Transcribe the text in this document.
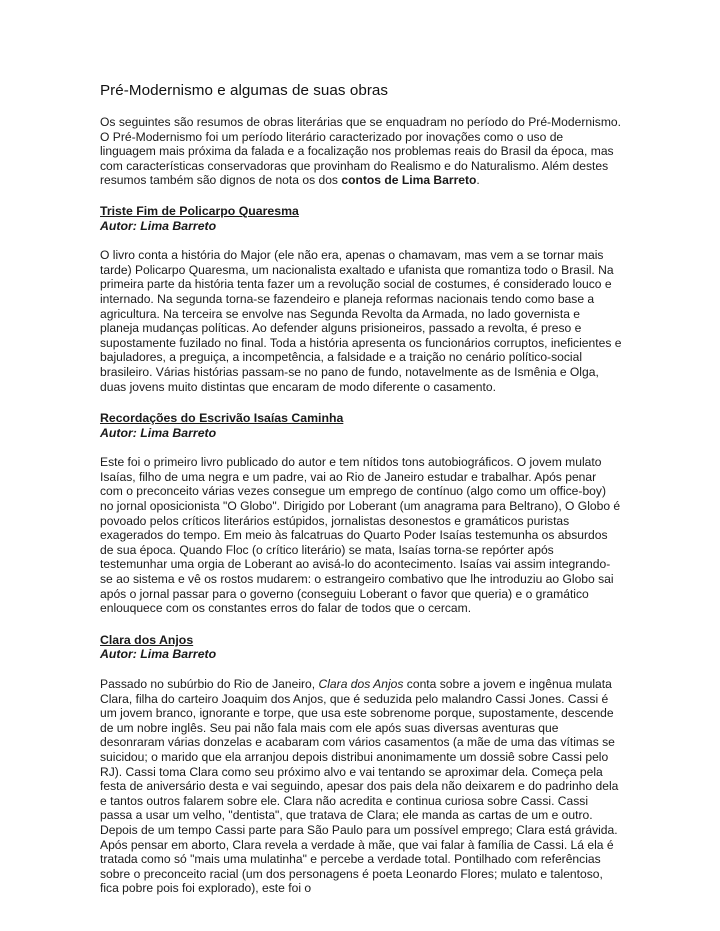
Pré-Modernismo e algumas de suas obras

Os seguintes são resumos de obras literárias que se enquadram no período do Pré-Modernismo. O Pré-Modernismo foi um período literário caracterizado por inovações como o uso de linguagem mais próxima da falada e a focalização nos problemas reais do Brasil da época, mas com características conservadoras que provinham do Realismo e do Naturalismo. Além destes resumos também são dignos de nota os dos contos de Lima Barreto.

Triste Fim de Policarpo Quaresma

Autor: Lima Barreto

O livro conta a história do Major (ele não era, apenas o chamavam, mas vem a se tornar mais tarde) Policarpo Quaresma, um nacionalista exaltado e ufanista que romantiza todo o Brasil. Na primeira parte da história tenta fazer um a revolução social de costumes, é considerado louco e internado. Na segunda torna-se fazendeiro e planeja reformas nacionais tendo como base a agricultura. Na terceira se envolve nas Segunda Revolta da Armada, no lado governista e planeja mudanças políticas. Ao defender alguns prisioneiros, passado a revolta, é preso e supostamente fuzilado no final. Toda a história apresenta os funcionários corruptos, ineficientes e bajuladores, a preguiça, a incompetência, a falsidade e a traição no cenário político-social brasileiro. Várias histórias passam-se no pano de fundo, notavelmente as de Ismênia e Olga, duas jovens muito distintas que encaram de modo diferente o casamento.

Recordações do Escrivão Isaías Caminha

Autor: Lima Barreto

Este foi o primeiro livro publicado do autor e tem nítidos tons autobiográficos. O jovem mulato Isaías, filho de uma negra e um padre, vai ao Rio de Janeiro estudar e trabalhar. Após penar com o preconceito várias vezes consegue um emprego de contínuo (algo como um office-boy) no jornal oposicionista "O Globo". Dirigido por Loberant (um anagrama para Beltrano), O Globo é povoado pelos críticos literários estúpidos, jornalistas desonestos e gramáticos puristas exagerados do tempo. Em meio às falcatruas do Quarto Poder Isaías testemunha os absurdos de sua época. Quando Floc (o crítico literário) se mata, Isaías torna-se repórter após testemunhar uma orgia de Loberant ao avisá-lo do acontecimento. Isaías vai assim integrando-se ao sistema e vê os rostos mudarem: o estrangeiro combativo que lhe introduziu ao Globo sai após o jornal passar para o governo (conseguiu Loberant o favor que queria) e o gramático enlouquece com os constantes erros do falar de todos que o cercam.

Clara dos Anjos

Autor: Lima Barreto

Passado no subúrbio do Rio de Janeiro, Clara dos Anjos conta sobre a jovem e ingênua mulata Clara, filha do carteiro Joaquim dos Anjos, que é seduzida pelo malandro Cassi Jones. Cassi é um jovem branco, ignorante e torpe, que usa este sobrenome porque, supostamente, descende de um nobre inglês. Seu pai não fala mais com ele após suas diversas aventuras que desonraram várias donzelas e acabaram com vários casamentos (a mãe de uma das vítimas se suicidou; o marido que ela arranjou depois distribui anonimamente um dossiê sobre Cassi pelo RJ). Cassi toma Clara como seu próximo alvo e vai tentando se aproximar dela. Começa pela festa de aniversário desta e vai seguindo, apesar dos pais dela não deixarem e do padrinho dela e tantos outros falarem sobre ele. Clara não acredita e continua curiosa sobre Cassi. Cassi passa a usar um velho, "dentista", que tratava de Clara; ele manda as cartas de um e outro. Depois de um tempo Cassi parte para São Paulo para um possível emprego; Clara está grávida. Após pensar em aborto, Clara revela a verdade à mãe, que vai falar à família de Cassi. Lá ela é tratada como só "mais uma mulatinha" e percebe a verdade total. Pontilhado com referências sobre o preconceito racial (um dos personagens é poeta Leonardo Flores; mulato e talentoso, fica pobre pois foi explorado), este foi o
